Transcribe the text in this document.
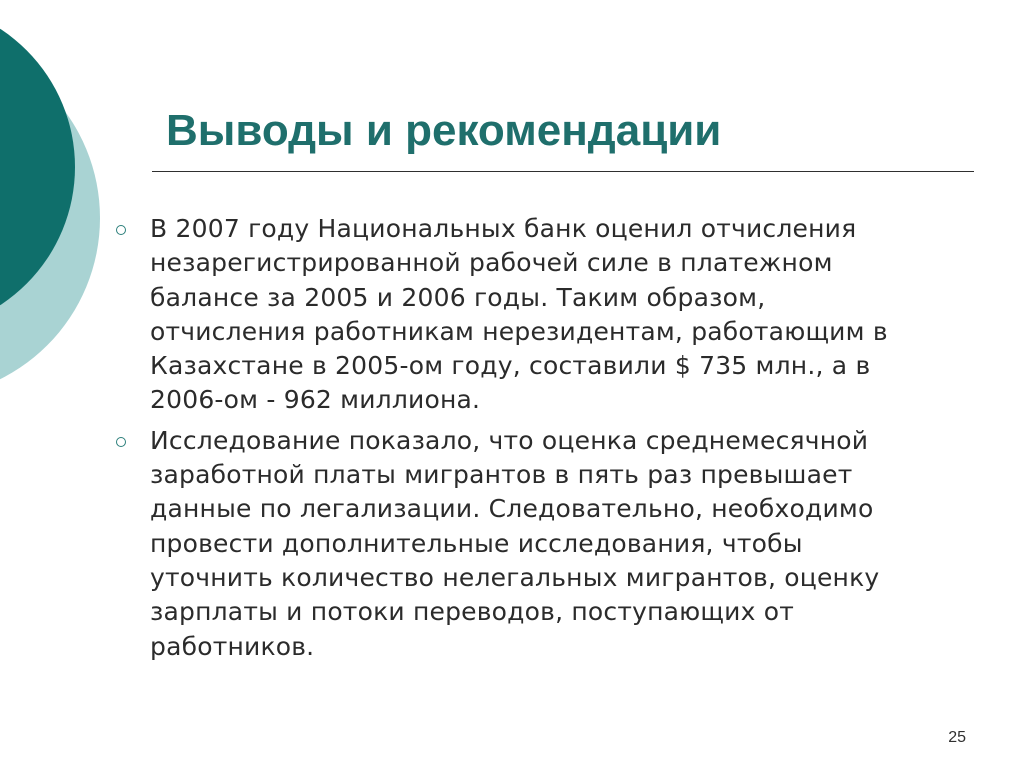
Выводы и рекомендации
В 2007 году Национальных банк оценил отчисления
незарегистрированной рабочей силе в платежном
балансе за 2005 и 2006 годы. Таким образом,
отчисления работникам нерезидентам, работающим в
Казахстане в 2005-ом году, составили $ 735 млн., а в
2006-ом - 962 миллиона.
Исследование показало, что оценка среднемесячной
заработной платы мигрантов в пять раз превышает
данные по легализации. Следовательно, необходимо
провести дополнительные исследования, чтобы
уточнить количество нелегальных мигрантов, оценку
зарплаты и потоки переводов, поступающих от
работников.
25
